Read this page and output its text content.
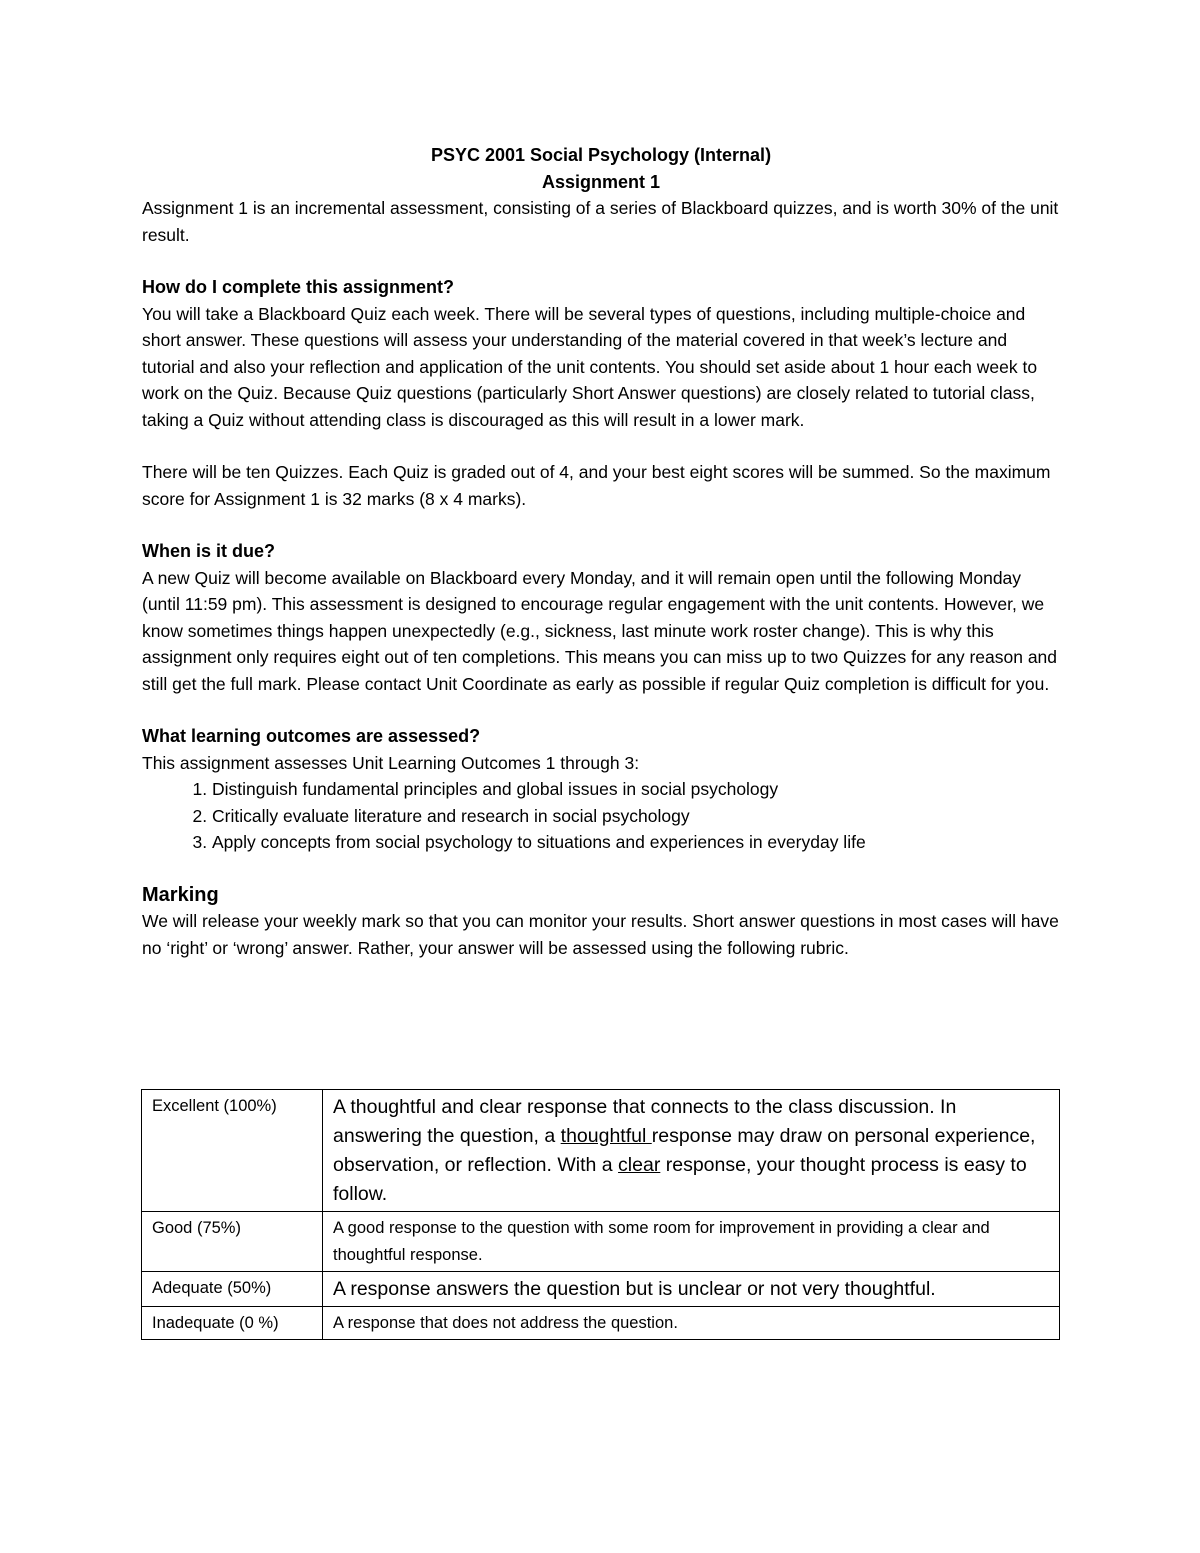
PSYC 2001 Social Psychology (Internal)
Assignment 1

Assignment 1 is an incremental assessment, consisting of a series of Blackboard quizzes, and is worth 30% of the unit result.

How do I complete this assignment?

You will take a Blackboard Quiz each week. There will be several types of questions, including multiple-choice and short answer. These questions will assess your understanding of the material covered in that week’s lecture and tutorial and also your reflection and application of the unit contents. You should set aside about 1 hour each week to work on the Quiz. Because Quiz questions (particularly Short Answer questions) are closely related to tutorial class, taking a Quiz without attending class is discouraged as this will result in a lower mark.

There will be ten Quizzes. Each Quiz is graded out of 4, and your best eight scores will be summed. So the maximum score for Assignment 1 is 32 marks (8 x 4 marks).

When is it due?

A new Quiz will become available on Blackboard every Monday, and it will remain open until the following Monday (until 11:59 pm). This assessment is designed to encourage regular engagement with the unit contents. However, we know sometimes things happen unexpectedly (e.g., sickness, last minute work roster change). This is why this assignment only requires eight out of ten completions. This means you can miss up to two Quizzes for any reason and still get the full mark. Please contact Unit Coordinate as early as possible if regular Quiz completion is difficult for you.

What learning outcomes are assessed?

This assignment assesses Unit Learning Outcomes 1 through 3:

1. Distinguish fundamental principles and global issues in social psychology
2. Critically evaluate literature and research in social psychology
3. Apply concepts from social psychology to situations and experiences in everyday life
Marking

We will release your weekly mark so that you can monitor your results. Short answer questions in most cases will have no ‘right’ or ‘wrong’ answer. Rather, your answer will be assessed using the following rubric.

Excellent (100%)	A thoughtful and clear response that connects to the class discussion. In answering the question, a thoughtful response may draw on personal experience, observation, or reflection. With a clear response, your thought process is easy to follow.
Good (75%)	A good response to the question with some room for improvement in providing a clear and thoughtful response.
Adequate (50%)	A response answers the question but is unclear or not very thoughtful.
Inadequate (0 %)	A response that does not address the question.
